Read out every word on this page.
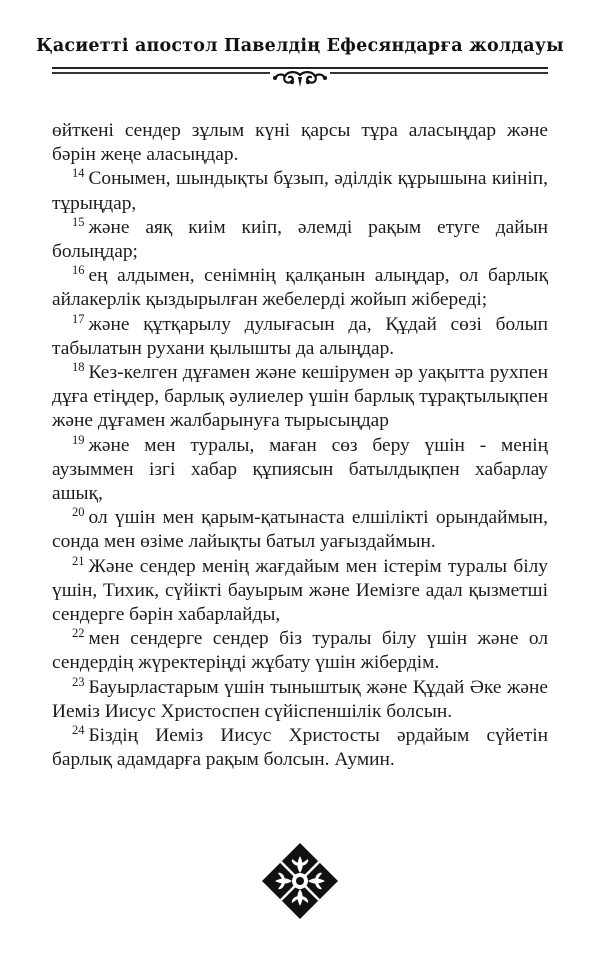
Қасиетті апостол Павелдің Ефесяндарға жолдауы

өйткені сендер зұлым күні қарсы тұра аласыңдар және бәрін жеңе аласыңдар.

$^{14}$ Сонымен, шындықты бұзып, әділдік құрышына киініп, тұрыңдар,

$^{15}$ және аяқ киім киіп, әлемді рақым етуге дайын болыңдар;

$^{16}$ ең алдымен, сенімнің қалқанын алыңдар, ол барлық айлакерлік қыздырылған жебелерді жойып жібереді;

$^{17}$ және құтқарылу дулығасын да, Құдай сөзі болып табылатын рухани қылышты да алыңдар.

$^{18}$ Кез-келген дұғамен және кешірумен әр уақытта рухпен дұға етіңдер, барлық әулиелер үшін барлық тұрақтылықпен және дұғамен жалбарынуға тырысыңдар

$^{19}$ және мен туралы, маған сөз беру үшін - менің аузыммен ізгі хабар құпиясын батылдықпен хабарлау ашық,

$^{20}$ ол үшін мен қарым-қатынаста елшілікті орындаймын, сонда мен өзіме лайықты батыл уағыздаймын.

$^{21}$ Және сендер менің жағдайым мен істерім туралы білу үшін, Тихик, сүйікті бауырым және Иемізге адал қызметші сендерге бәрін хабарлайды,

$^{22}$ мен сендерге сендер біз туралы білу үшін және ол сендердің жүректеріңді жұбату үшін жібердім.

$^{23}$ Бауырластарым үшін тыныштық және Құдай Әке және Иеміз Иисус Христоспен сүйіспеншілік болсын.

$^{24}$ Біздің Иеміз Иисус Христосты әрдайым сүйетін барлық адамдарға рақым болсын. Аумин.
